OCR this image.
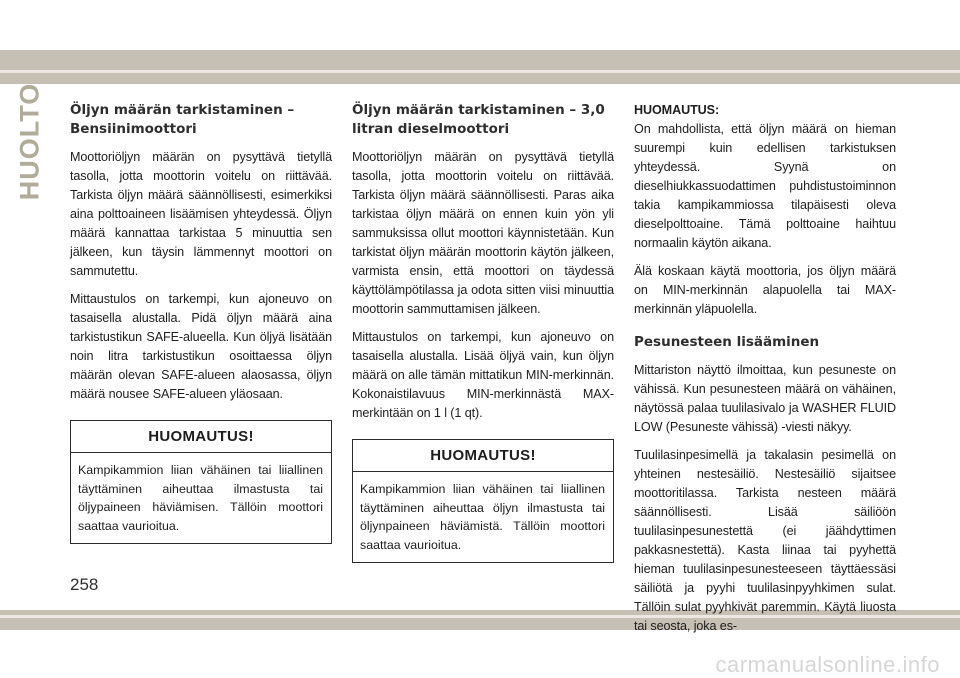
HUOLTO Öljyn määrän tarkistaminen – Bensiinimoottori

Moottoriöljyn määrän on pysyttävä tietyllä tasolla, jotta moottorin voitelu on riittävää. Tarkista öljyn määrä säännöllisesti, esimerkiksi aina polttoaineen lisäämisen yhteydessä. Öljyn määrä kannattaa tarkistaa 5 minuuttia sen jälkeen, kun täysin lämmennyt moottori on sammutettu.

Mittaustulos on tarkempi, kun ajoneuvo on tasaisella alustalla. Pidä öljyn määrä aina tarkistustikun SAFE-alueella. Kun öljyä lisätään noin litra tarkistustikun osoittaessa öljyn määrän olevan SAFE-alueen alaosassa, öljyn määrä nousee SAFE-alueen yläosaan.

HUOMAUTUS!
Kampikammion liian vähäinen tai liiallinen täyttäminen aiheuttaa ilmastusta tai öljypaineen häviämisen. Tällöin moottori saattaa vaurioitua.
Öljyn määrän tarkistaminen – 3,0 litran dieselmoottori

Moottoriöljyn määrän on pysyttävä tietyllä tasolla, jotta moottorin voitelu on riittävää. Tarkista öljyn määrä säännöllisesti. Paras aika tarkistaa öljyn määrä on ennen kuin yön yli sammuksissa ollut moottori käynnistetään. Kun tarkistat öljyn määrän moottorin käytön jälkeen, varmista ensin, että moottori on täydessä käyttölämpötilassa ja odota sitten viisi minuuttia moottorin sammuttamisen jälkeen.

Mittaustulos on tarkempi, kun ajoneuvo on tasaisella alustalla. Lisää öljyä vain, kun öljyn määrä on alle tämän mittatikun MIN-merkinnän. Kokonaistilavuus MIN-merkinnästä MAX-merkintään on 1 l (1 qt).

HUOMAUTUS!
Kampikammion liian vähäinen tai liiallinen täyttäminen aiheuttaa öljyn ilmastusta tai öljynpaineen häviämistä. Tällöin moottori saattaa vaurioitua.

HUOMAUTUS:

On mahdollista, että öljyn määrä on hieman suurempi kuin edellisen tarkistuksen yhteydessä. Syynä on dieselhiukkassuodattimen puhdistustoiminnon takia kampikammiossa tilapäisesti oleva dieselpolttoaine. Tämä polttoaine haihtuu normaalin käytön aikana.

Älä koskaan käytä moottoria, jos öljyn määrä on MIN-merkinnän alapuolella tai MAX-merkinnän yläpuolella.

Pesunesteen lisääminen

Mittariston näyttö ilmoittaa, kun pesuneste on vähissä. Kun pesunesteen määrä on vähäinen, näytössä palaa tuulilasivalo ja WASHER FLUID LOW (Pesuneste vähissä) -viesti näkyy.

Tuulilasinpesimellä ja takalasin pesimellä on yhteinen nestesäiliö. Nestesäiliö sijaitsee moottoritilassa. Tarkista nesteen määrä säännöllisesti. Lisää säiliöön tuulilasinpesunestettä (ei jäähdyttimen pakkasnestettä). Kasta liinaa tai pyyhettä hieman tuulilasinpesunesteeseen täyttäessäsi säiliötä ja pyyhi tuulilasinpyyhkimen sulat. Tällöin sulat pyyhkivät paremmin. Käytä liuosta tai seosta, joka es-

258
carmanualsonline.info
